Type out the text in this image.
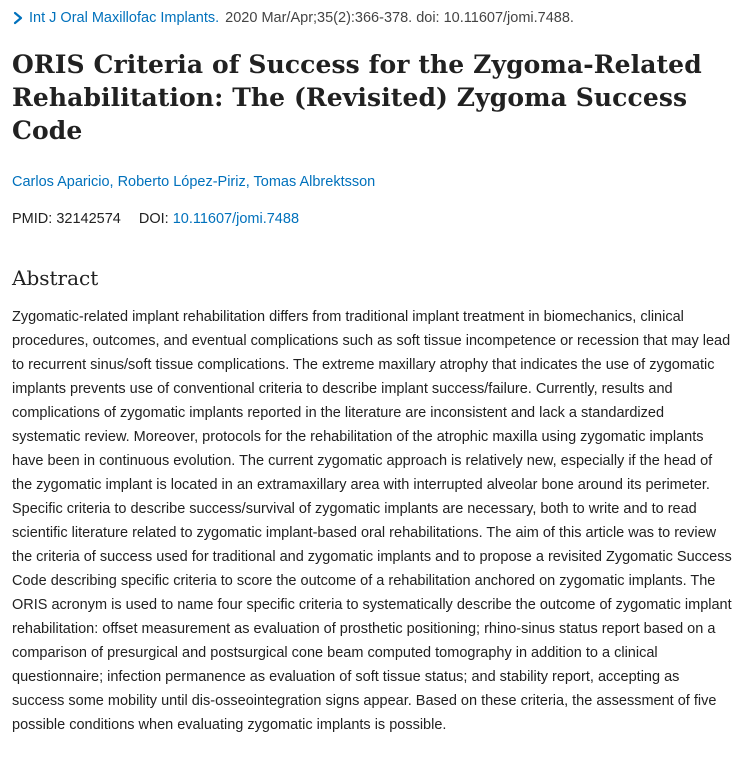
Int J Oral Maxillofac Implants. 2020 Mar/Apr;35(2):366-378. doi: 10.11607/jomi.7488.
ORIS Criteria of Success for the Zygoma-Related Rehabilitation: The (Revisited) Zygoma Success Code
Carlos Aparicio, Roberto López-Piriz, Tomas Albrektsson
PMID: 32142574 DOI: 10.11607/jomi.7488
Abstract

Zygomatic-related implant rehabilitation differs from traditional implant treatment in biomechanics, clinical procedures, outcomes, and eventual complications such as soft tissue incompetence or recession that may lead to recurrent sinus/soft tissue complications. The extreme maxillary atrophy that indicates the use of zygomatic implants prevents use of conventional criteria to describe implant success/failure. Currently, results and complications of zygomatic implants reported in the literature are inconsistent and lack a standardized systematic review. Moreover, protocols for the rehabilitation of the atrophic maxilla using zygomatic implants have been in continuous evolution. The current zygomatic approach is relatively new, especially if the head of the zygomatic implant is located in an extramaxillary area with interrupted alveolar bone around its perimeter. Specific criteria to describe success/survival of zygomatic implants are necessary, both to write and to read scientific literature related to zygomatic implant-based oral rehabilitations. The aim of this article was to review the criteria of success used for traditional and zygomatic implants and to propose a revisited Zygomatic Success Code describing specific criteria to score the outcome of a rehabilitation anchored on zygomatic implants. The ORIS acronym is used to name four specific criteria to systematically describe the outcome of zygomatic implant rehabilitation: offset measurement as evaluation of prosthetic positioning; rhino-sinus status report based on a comparison of presurgical and postsurgical cone beam computed tomography in addition to a clinical questionnaire; infection permanence as evaluation of soft tissue status; and stability report, accepting as success some mobility until dis-osseointegration signs appear. Based on these criteria, the assessment of five possible conditions when evaluating zygomatic implants is possible.
